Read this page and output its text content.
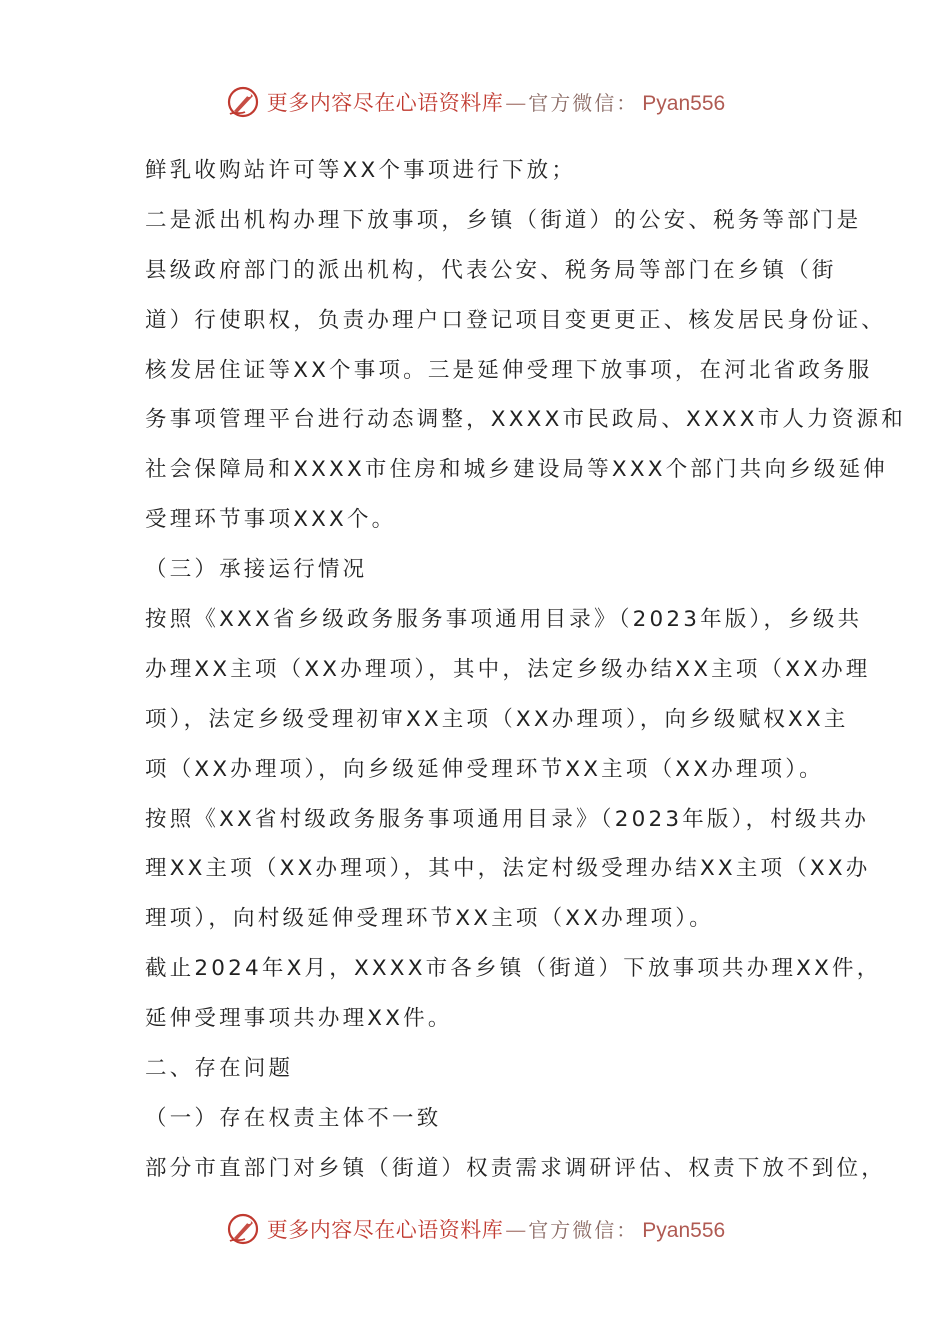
更多内容尽在心语资料库 — 官方微信： Pyan556
鲜乳收购站许可等XX个事项进行下放；
二是派出机构办理下放事项，乡镇（街道）的公安、税务等部门是
县级政府部门的派出机构，代表公安、税务局等部门在乡镇（街
道）行使职权，负责办理户口登记项目变更更正、核发居民身份证、
核发居住证等XX个事项。三是延伸受理下放事项，在河北省政务服
务事项管理平台进行动态调整，XXXX市民政局、XXXX市人力资源和
社会保障局和XXXX市住房和城乡建设局等XXX个部门共向乡级延伸
受理环节事项XXX个。
（三）承接运行情况
按照《XXX省乡级政务服务事项通用目录》（2023年版），乡级共
办理XX主项（XX办理项），其中，法定乡级办结XX主项（XX办理
项），法定乡级受理初审XX主项（XX办理项），向乡级赋权XX主
项（XX办理项），向乡级延伸受理环节XX主项（XX办理项）。
按照《XX省村级政务服务事项通用目录》（2023年版），村级共办
理XX主项（XX办理项），其中，法定村级受理办结XX主项（XX办
理项），向村级延伸受理环节XX主项（XX办理项）。
截止2024年X月，XXXX市各乡镇（街道）下放事项共办理XX件，
延伸受理事项共办理XX件。
二、存在问题
（一）存在权责主体不一致
部分市直部门对乡镇（街道）权责需求调研评估、权责下放不到位，
更多内容尽在心语资料库 — 官方微信： Pyan556
